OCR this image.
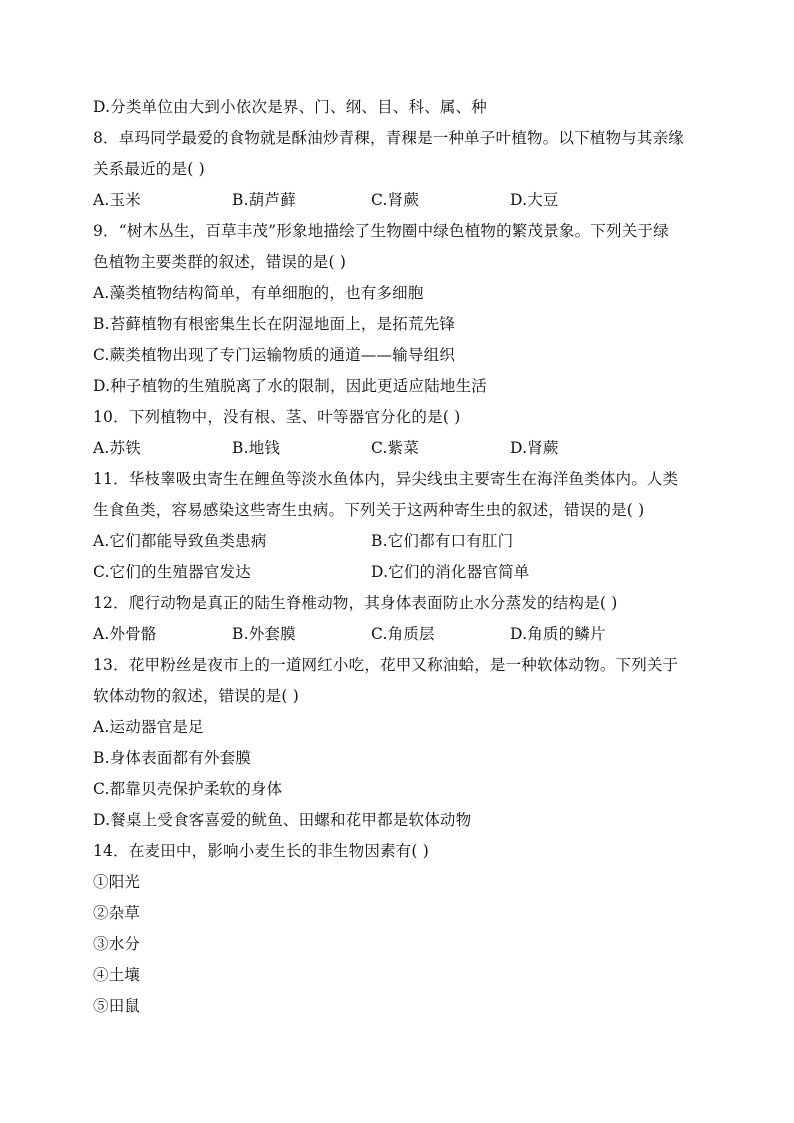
D.分类单位由大到小依次是界、门、纲、目、科、属、种
8．卓玛同学最爱的食物就是酥油炒青稞，青稞是一种单子叶植物。以下植物与其亲缘
关系最近的是( )
A.玉米	B.葫芦藓	C.肾蕨	D.大豆
9．“树木丛生，百草丰茂”形象地描绘了生物圈中绿色植物的繁茂景象。下列关于绿
色植物主要类群的叙述，错误的是( )
A.藻类植物结构简单，有单细胞的，也有多细胞
B.苔藓植物有根密集生长在阴湿地面上，是拓荒先锋
C.蕨类植物出现了专门运输物质的通道——输导组织
D.种子植物的生殖脱离了水的限制，因此更适应陆地生活
10．下列植物中，没有根、茎、叶等器官分化的是( )
A.苏铁	B.地钱	C.紫菜	D.肾蕨
11．华枝睾吸虫寄生在鲤鱼等淡水鱼体内，异尖线虫主要寄生在海洋鱼类体内。人类
生食鱼类，容易感染这些寄生虫病。下列关于这两种寄生虫的叙述，错误的是( )
A.它们都能导致鱼类患病	B.它们都有口有肛门
C.它们的生殖器官发达	D.它们的消化器官简单
12．爬行动物是真正的陆生脊椎动物，其身体表面防止水分蒸发的结构是( )
A.外骨骼	B.外套膜	C.角质层	D.角质的鳞片
13．花甲粉丝是夜市上的一道网红小吃，花甲又称油蛤，是一种软体动物。下列关于
软体动物的叙述，错误的是( )
A.运动器官是足
B.身体表面都有外套膜
C.都靠贝壳保护柔软的身体
D.餐桌上受食客喜爱的鱿鱼、田螺和花甲都是软体动物
14．在麦田中，影响小麦生长的非生物因素有( )
①阳光
②杂草
③水分
④土壤
⑤田鼠
